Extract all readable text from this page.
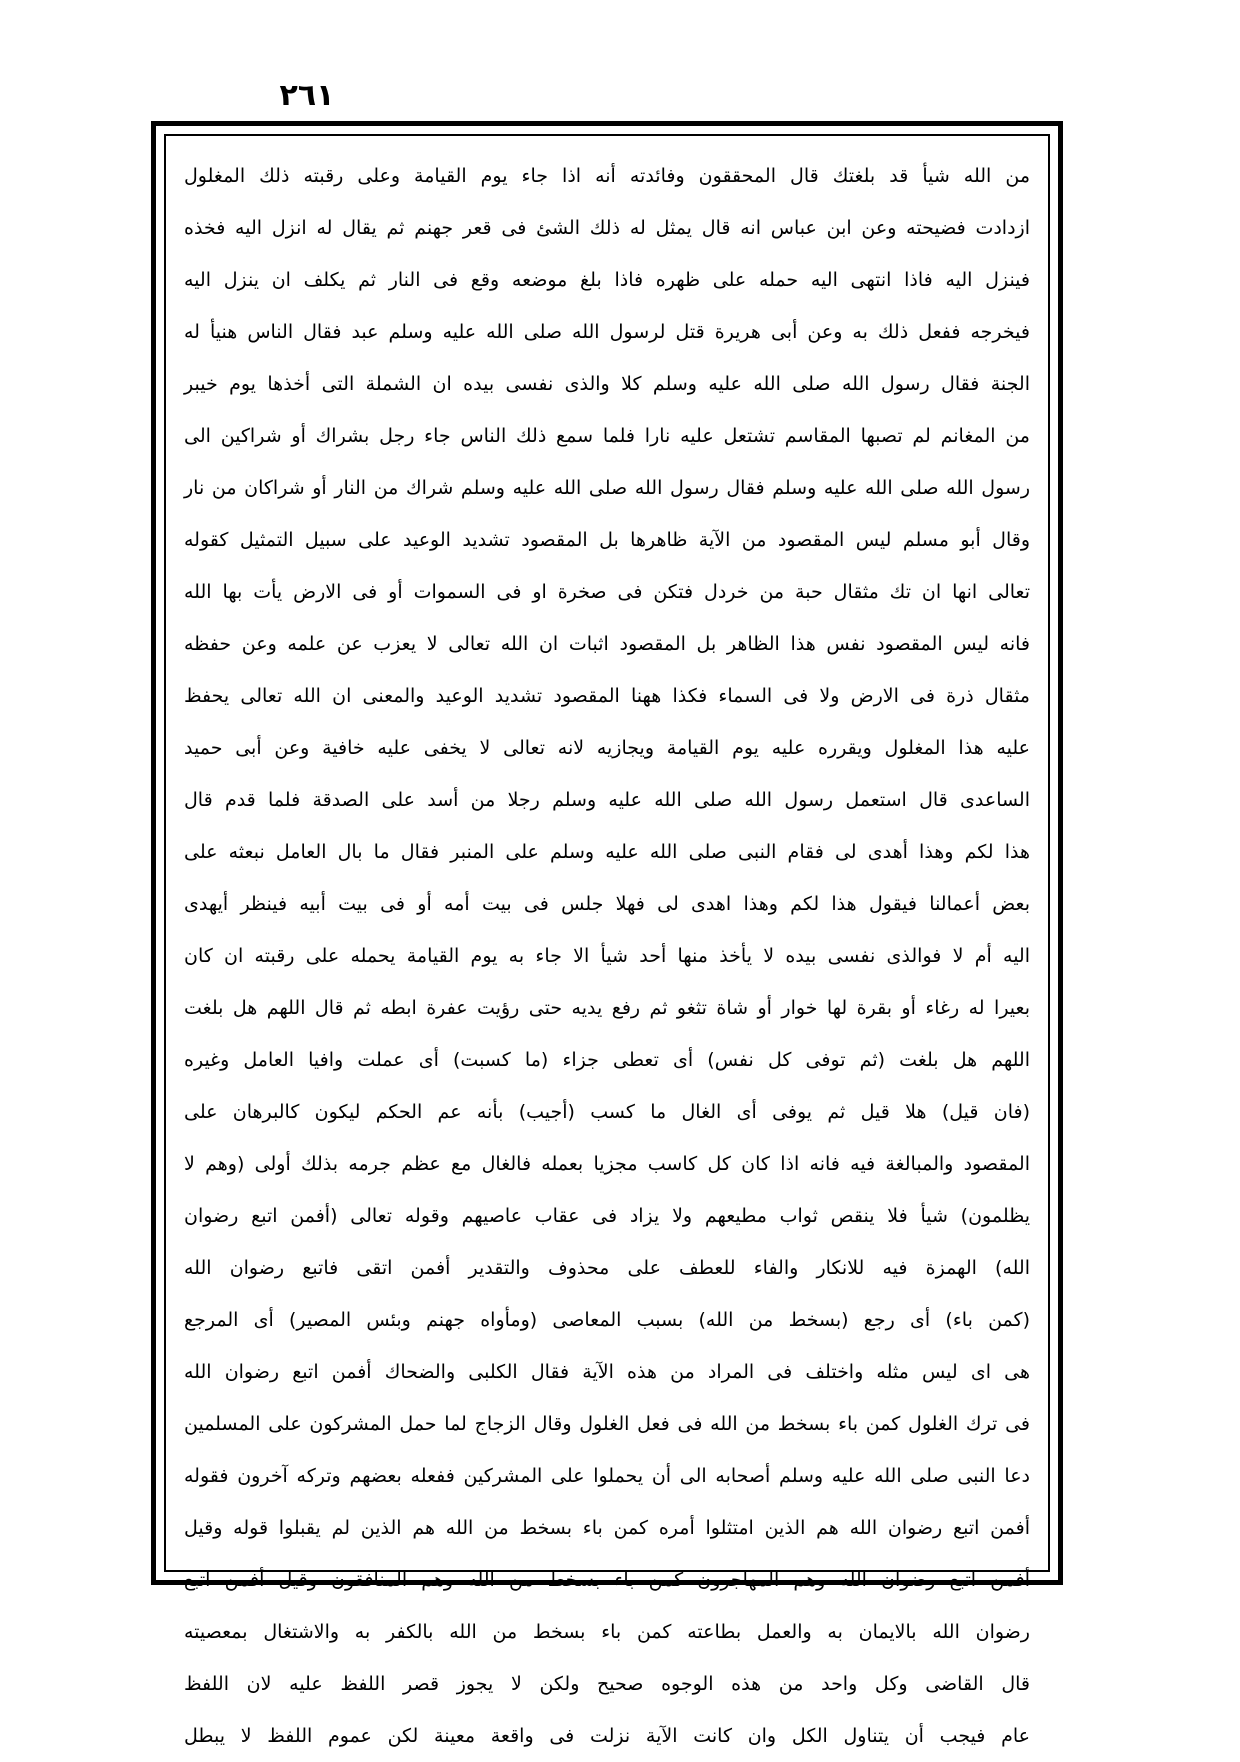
٢٦١
من الله شيأ قد بلغتك قال المحققون وفائدته أنه اذا جاء يوم القيامة وعلى رقبته ذلك المغلول
ازدادت فضيحته وعن ابن عباس انه قال يمثل له ذلك الشئ فى قعر جهنم ثم يقال له انزل اليه فخذه
فينزل اليه فاذا انتهى اليه حمله على ظهره فاذا بلغ موضعه وقع فى النار ثم يكلف ان ينزل اليه
فيخرجه ففعل ذلك به وعن أبى هريرة قتل لرسول الله صلى الله عليه وسلم عبد فقال الناس هنيأ له
الجنة فقال رسول الله صلى الله عليه وسلم كلا والذى نفسى بيده ان الشملة التى أخذها يوم خيبر
من المغانم لم تصبها المقاسم تشتعل عليه نارا فلما سمع ذلك الناس جاء رجل بشراك أو شراكين الى
رسول الله صلى الله عليه وسلم فقال رسول الله صلى الله عليه وسلم شراك من النار أو شراكان من نار
وقال أبو مسلم ليس المقصود من الآية ظاهرها بل المقصود تشديد الوعيد على سبيل التمثيل كقوله
تعالى انها ان تك مثقال حبة من خردل فتكن فى صخرة او فى السموات أو فى الارض يأت بها الله
فانه ليس المقصود نفس هذا الظاهر بل المقصود اثبات ان الله تعالى لا يعزب عن علمه وعن حفظه
مثقال ذرة فى الارض ولا فى السماء فكذا ههنا المقصود تشديد الوعيد والمعنى ان الله تعالى يحفظ
عليه هذا المغلول ويقرره عليه يوم القيامة ويجازيه لانه تعالى لا يخفى عليه خافية وعن أبى حميد
الساعدى قال استعمل رسول الله صلى الله عليه وسلم رجلا من أسد على الصدقة فلما قدم قال
هذا لكم وهذا أهدى لى فقام النبى صلى الله عليه وسلم على المنبر فقال ما بال العامل نبعثه على
بعض أعمالنا فيقول هذا لكم وهذا اهدى لى فهلا جلس فى بيت أمه أو فى بيت أبيه فينظر أيهدى
اليه أم لا فوالذى نفسى بيده لا يأخذ منها أحد شيأ الا جاء به يوم القيامة يحمله على رقبته ان كان
بعيرا له رغاء أو بقرة لها خوار أو شاة تثغو ثم رفع يديه حتى رؤيت عفرة ابطه ثم قال اللهم هل بلغت
اللهم هل بلغت (ثم توفى كل نفس) أى تعطى جزاء (ما كسبت) أى عملت وافيا العامل وغيره
(فان قيل) هلا قيل ثم يوفى أى الغال ما كسب (أجيب) بأنه عم الحكم ليكون كالبرهان على
المقصود والمبالغة فيه فانه اذا كان كل كاسب مجزيا بعمله فالغال مع عظم جرمه بذلك أولى (وهم لا
يظلمون) شيأ فلا ينقص ثواب مطيعهم ولا يزاد فى عقاب عاصيهم وقوله تعالى (أفمن اتبع رضوان
الله) الهمزة فيه للانكار والفاء للعطف على محذوف والتقدير أفمن اتقى فاتبع رضوان الله
(كمن باء) أى رجع (بسخط من الله) بسبب المعاصى (ومأواه جهنم وبئس المصير) أى المرجع
هى اى ليس مثله واختلف فى المراد من هذه الآية فقال الكلبى والضحاك أفمن اتبع رضوان الله
فى ترك الغلول كمن باء بسخط من الله فى فعل الغلول وقال الزجاج لما حمل المشركون على المسلمين
دعا النبى صلى الله عليه وسلم أصحابه الى أن يحملوا على المشركين ففعله بعضهم وتركه آخرون فقوله
أفمن اتبع رضوان الله هم الذين امتثلوا أمره كمن باء بسخط من الله هم الذين لم يقبلوا قوله وقيل
أفمن اتبع رضوان الله وهم المهاجرون كمن باء بسخط من الله وهم المنافقون وقيل أفمن اتبع
رضوان الله بالايمان به والعمل بطاعته كمن باء بسخط من الله بالكفر به والاشتغال بمعصيته
قال القاضى وكل واحد من هذه الوجوه صحيح ولكن لا يجوز قصر اللفظ عليه لان اللفظ
عام فيجب أن يتناول الكل وان كانت الآية نزلت فى واقعة معينة لكن عموم اللفظ لا يبطل
